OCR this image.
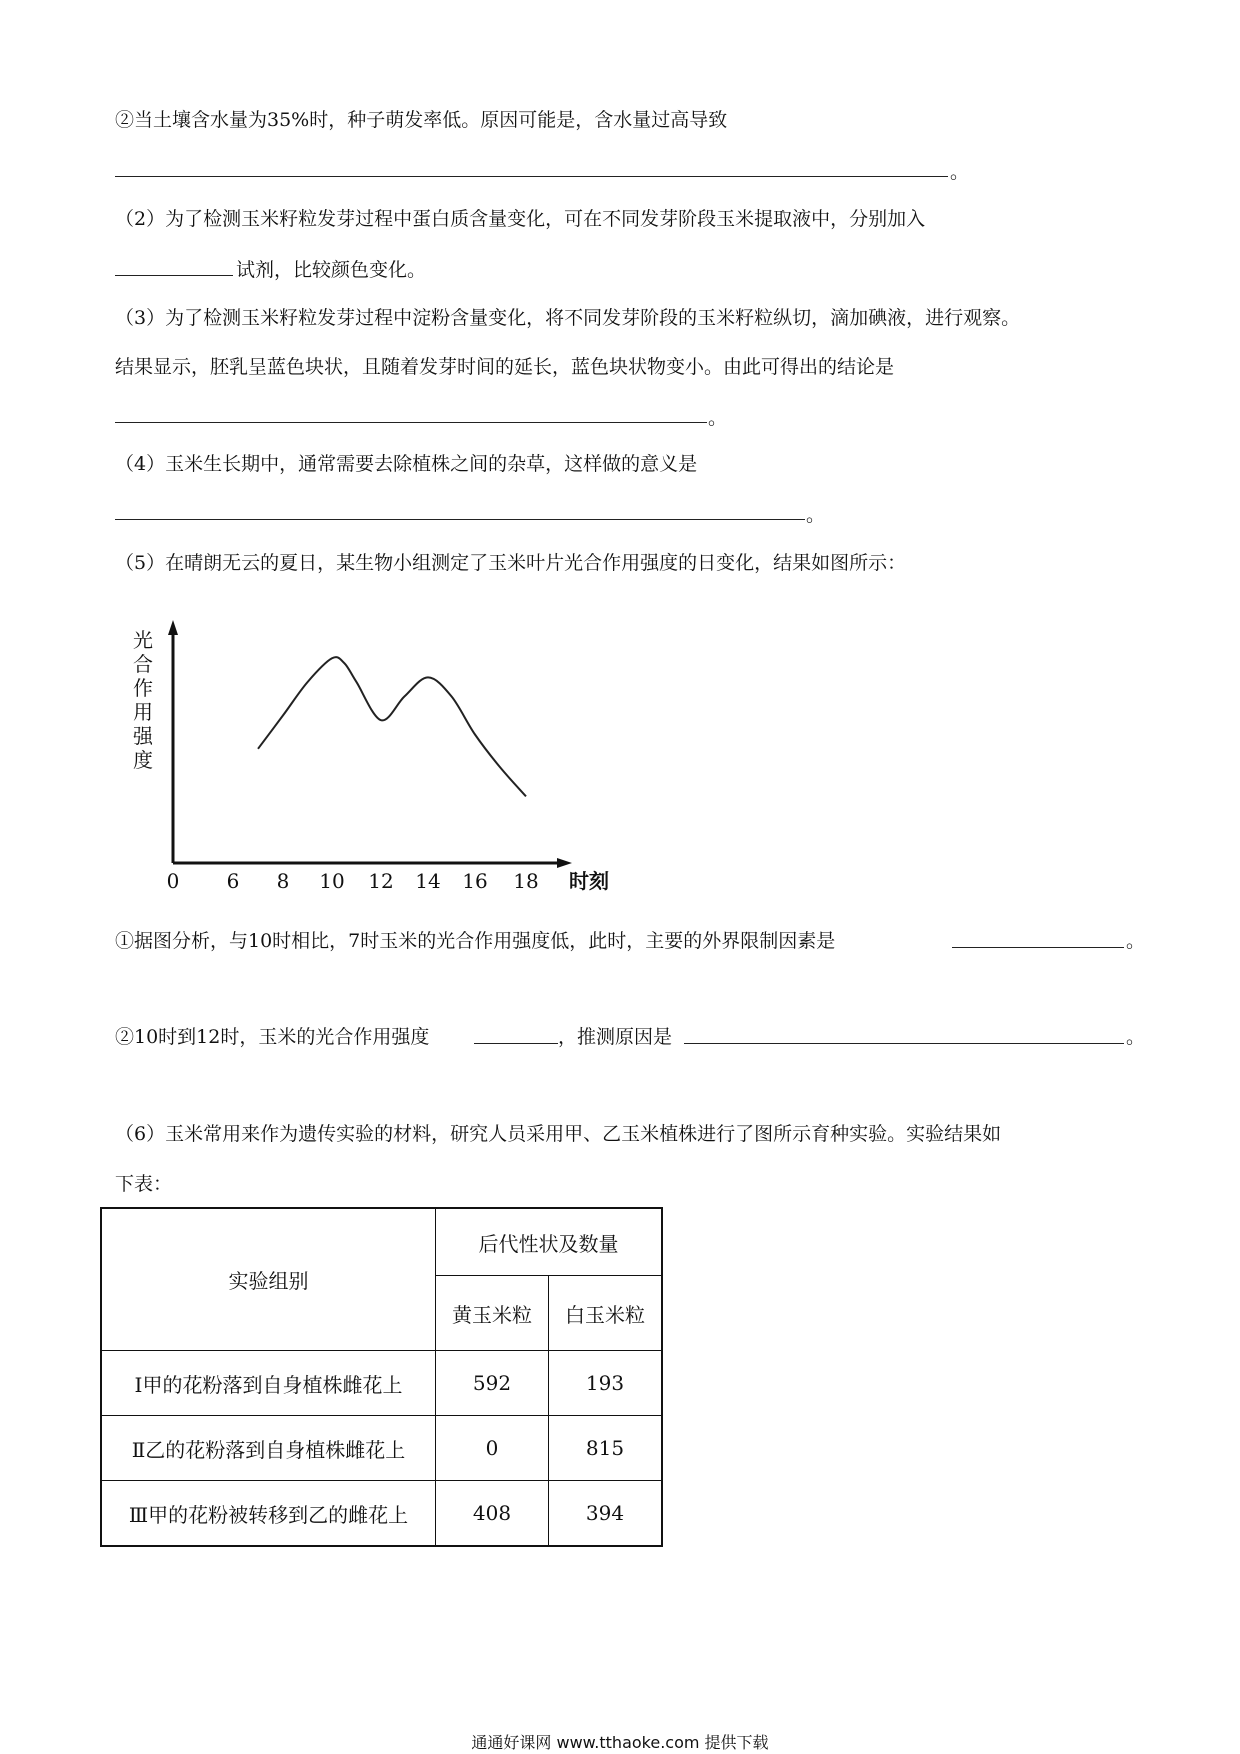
②当土壤含水量为35%时，种子萌发率低。原因可能是，含水量过高导致
。
（2）为了检测玉米籽粒发芽过程中蛋白质含量变化，可在不同发芽阶段玉米提取液中，分别加入
试剂，比较颜色变化。
（3）为了检测玉米籽粒发芽过程中淀粉含量变化，将不同发芽阶段的玉米籽粒纵切，滴加碘液，进行观察。
结果显示，胚乳呈蓝色块状，且随着发芽时间的延长，蓝色块状物变小。由此可得出的结论是
。
（4）玉米生长期中，通常需要去除植株之间的杂草，这样做的意义是
。
（5）在晴朗无云的夏日，某生物小组测定了玉米叶片光合作用强度的日变化，结果如图所示：
光
合
作
用
强
度
0 6 8 10 12 14 16 18 时刻
①据图分析，与10时相比，7时玉米的光合作用强度低，此时，主要的外界限制因素是	。
②10时到12时，玉米的光合作用强度	，推测原因是	。
（6）玉米常用来作为遗传实验的材料，研究人员采用甲、乙玉米植株进行了图所示育种实验。实验结果如
下表：
实验组别	后代性状及数量	
	黄玉米粒	白玉米粒
Ⅰ甲的花粉落到自身植株雌花上	592	193
Ⅱ乙的花粉落到自身植株雌花上	0	815
Ⅲ甲的花粉被转移到乙的雌花上	408	394
通通好课网 www.tthaoke.com 提供下载
